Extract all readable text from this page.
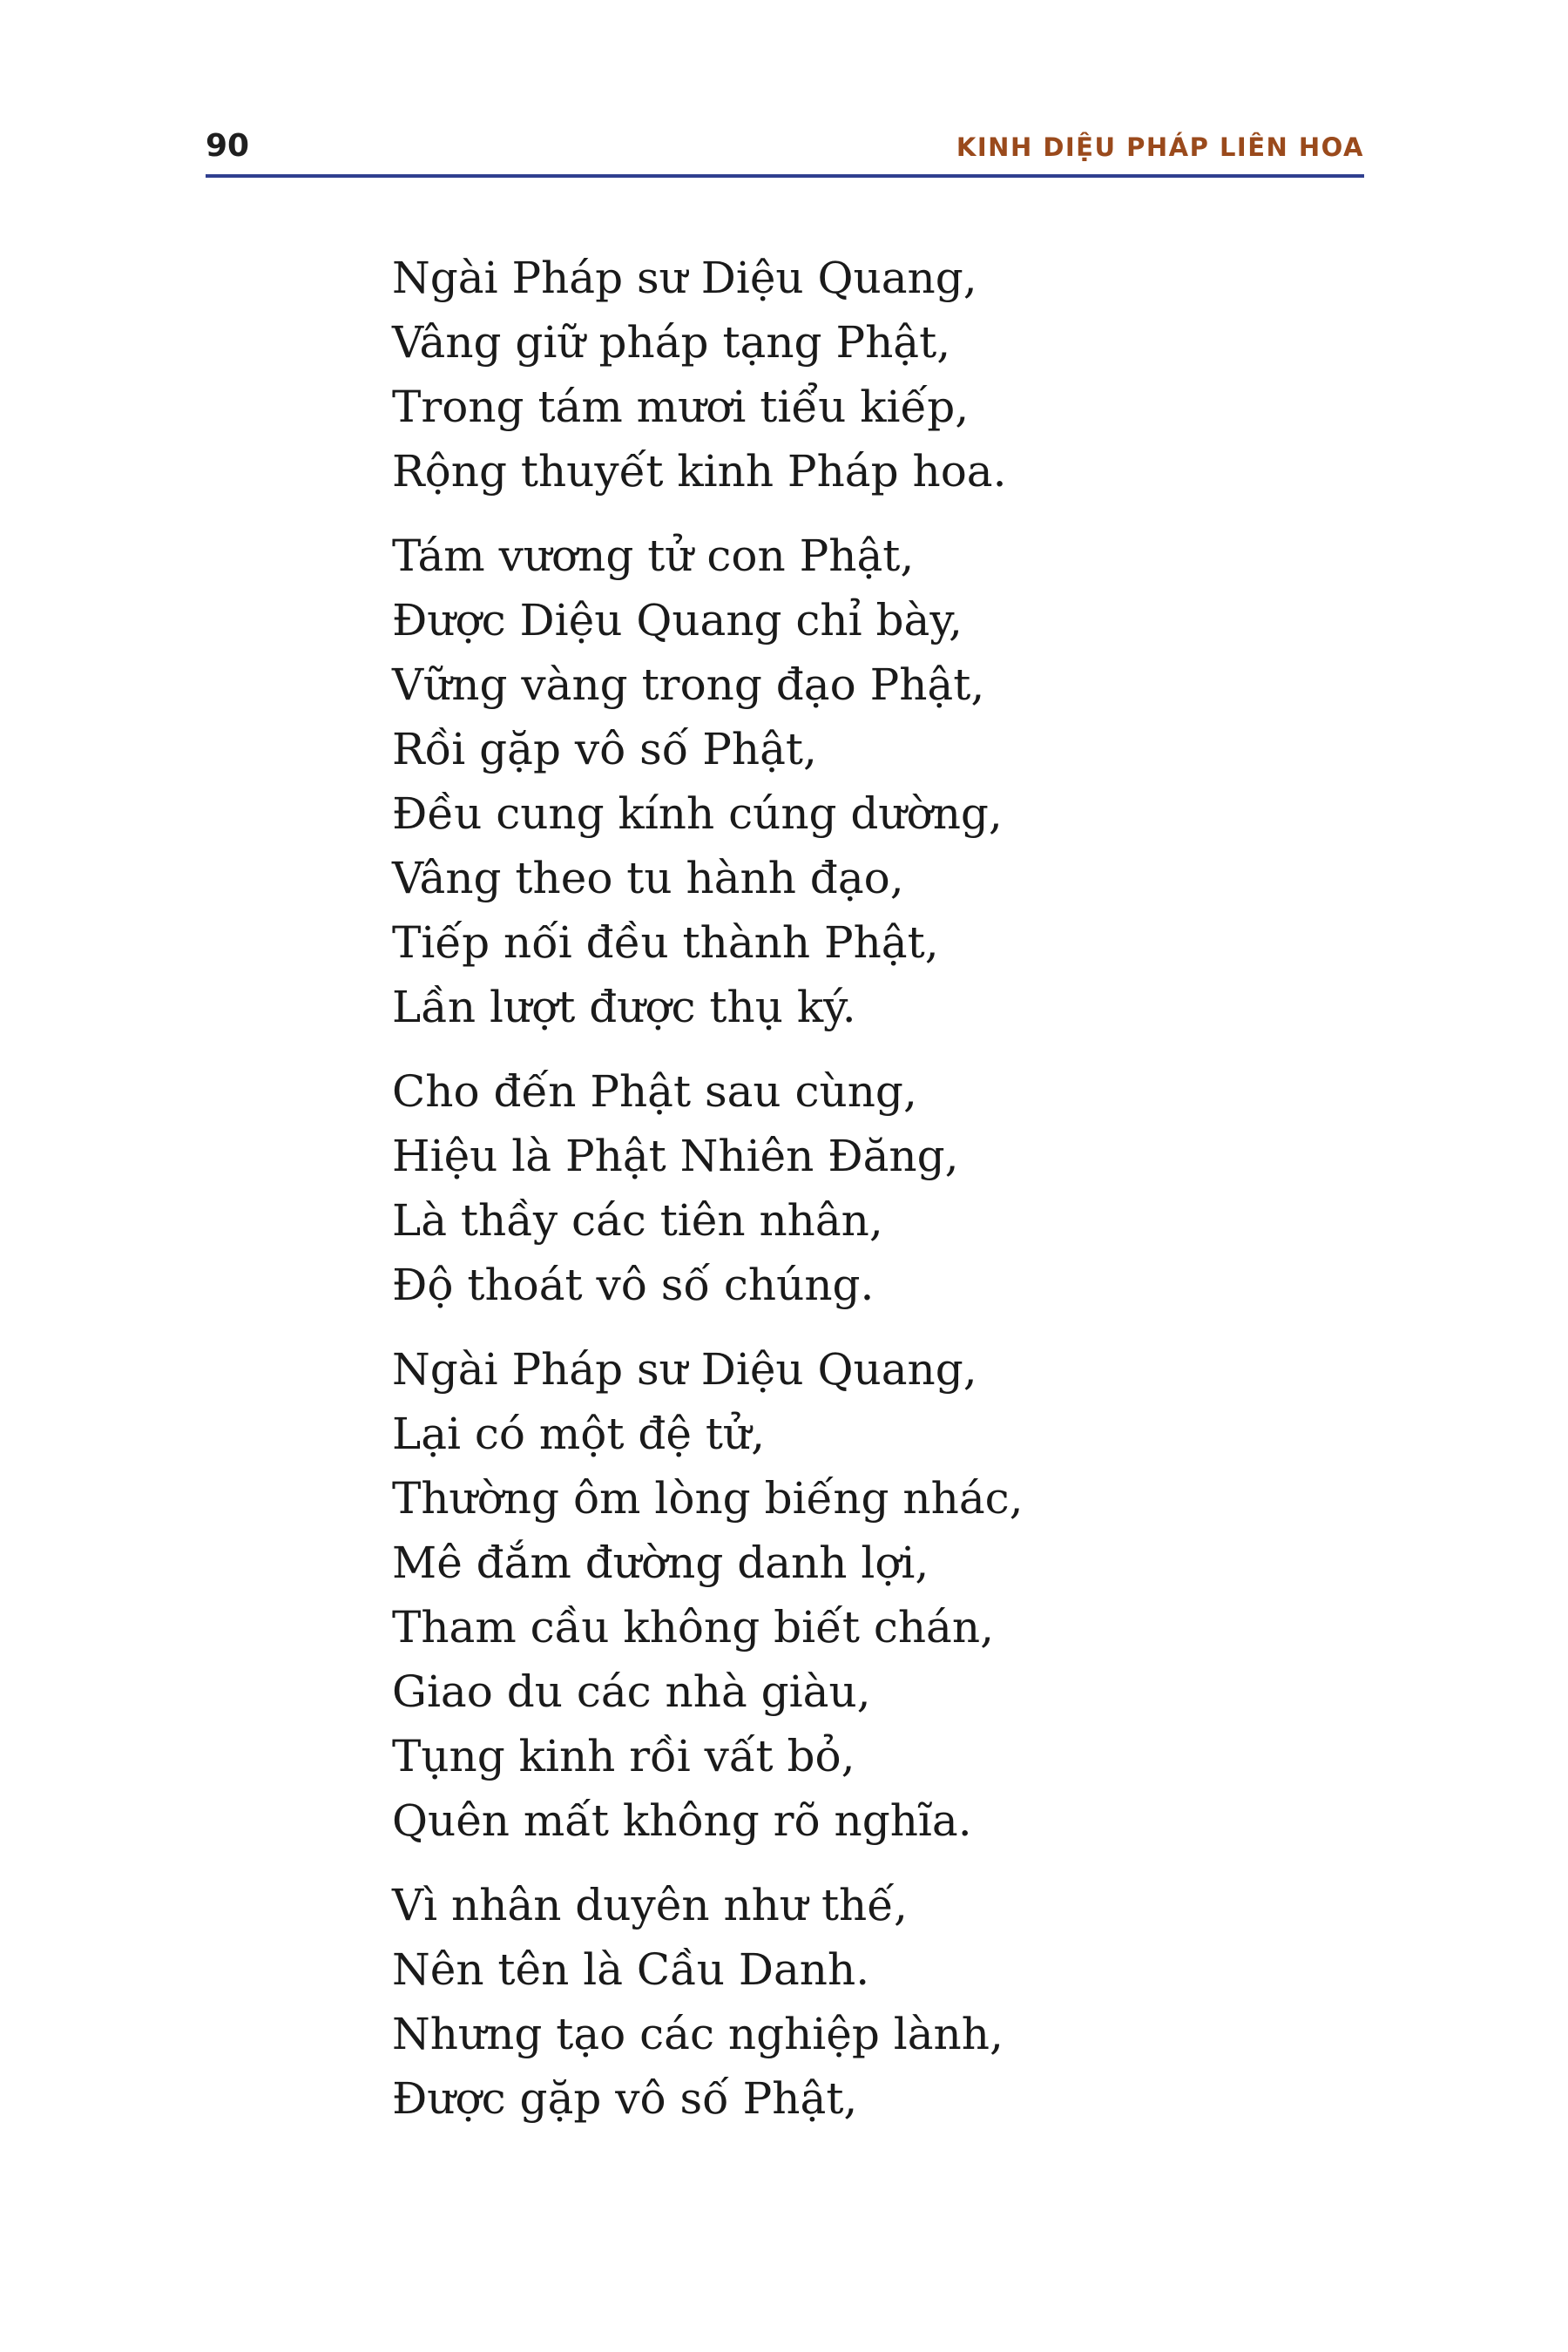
90	KINH DIỆU PHÁP LIÊN HOA
Ngài Pháp sư Diệu Quang,
Vâng giữ pháp tạng Phật,
Trong tám mươi tiểu kiếp,
Rộng thuyết kinh Pháp hoa.
Tám vương tử con Phật,
Được Diệu Quang chỉ bày,
Vững vàng trong đạo Phật,
Rồi gặp vô số Phật,
Đều cung kính cúng dường,
Vâng theo tu hành đạo,
Tiếp nối đều thành Phật,
Lần lượt được thụ ký.
Cho đến Phật sau cùng,
Hiệu là Phật Nhiên Đăng,
Là thầy các tiên nhân,
Độ thoát vô số chúng.
Ngài Pháp sư Diệu Quang,
Lại có một đệ tử,
Thường ôm lòng biếng nhác,
Mê đắm đường danh lợi,
Tham cầu không biết chán,
Giao du các nhà giàu,
Tụng kinh rồi vất bỏ,
Quên mất không rõ nghĩa.
Vì nhân duyên như thế,
Nên tên là Cầu Danh.
Nhưng tạo các nghiệp lành,
Được gặp vô số Phật,
